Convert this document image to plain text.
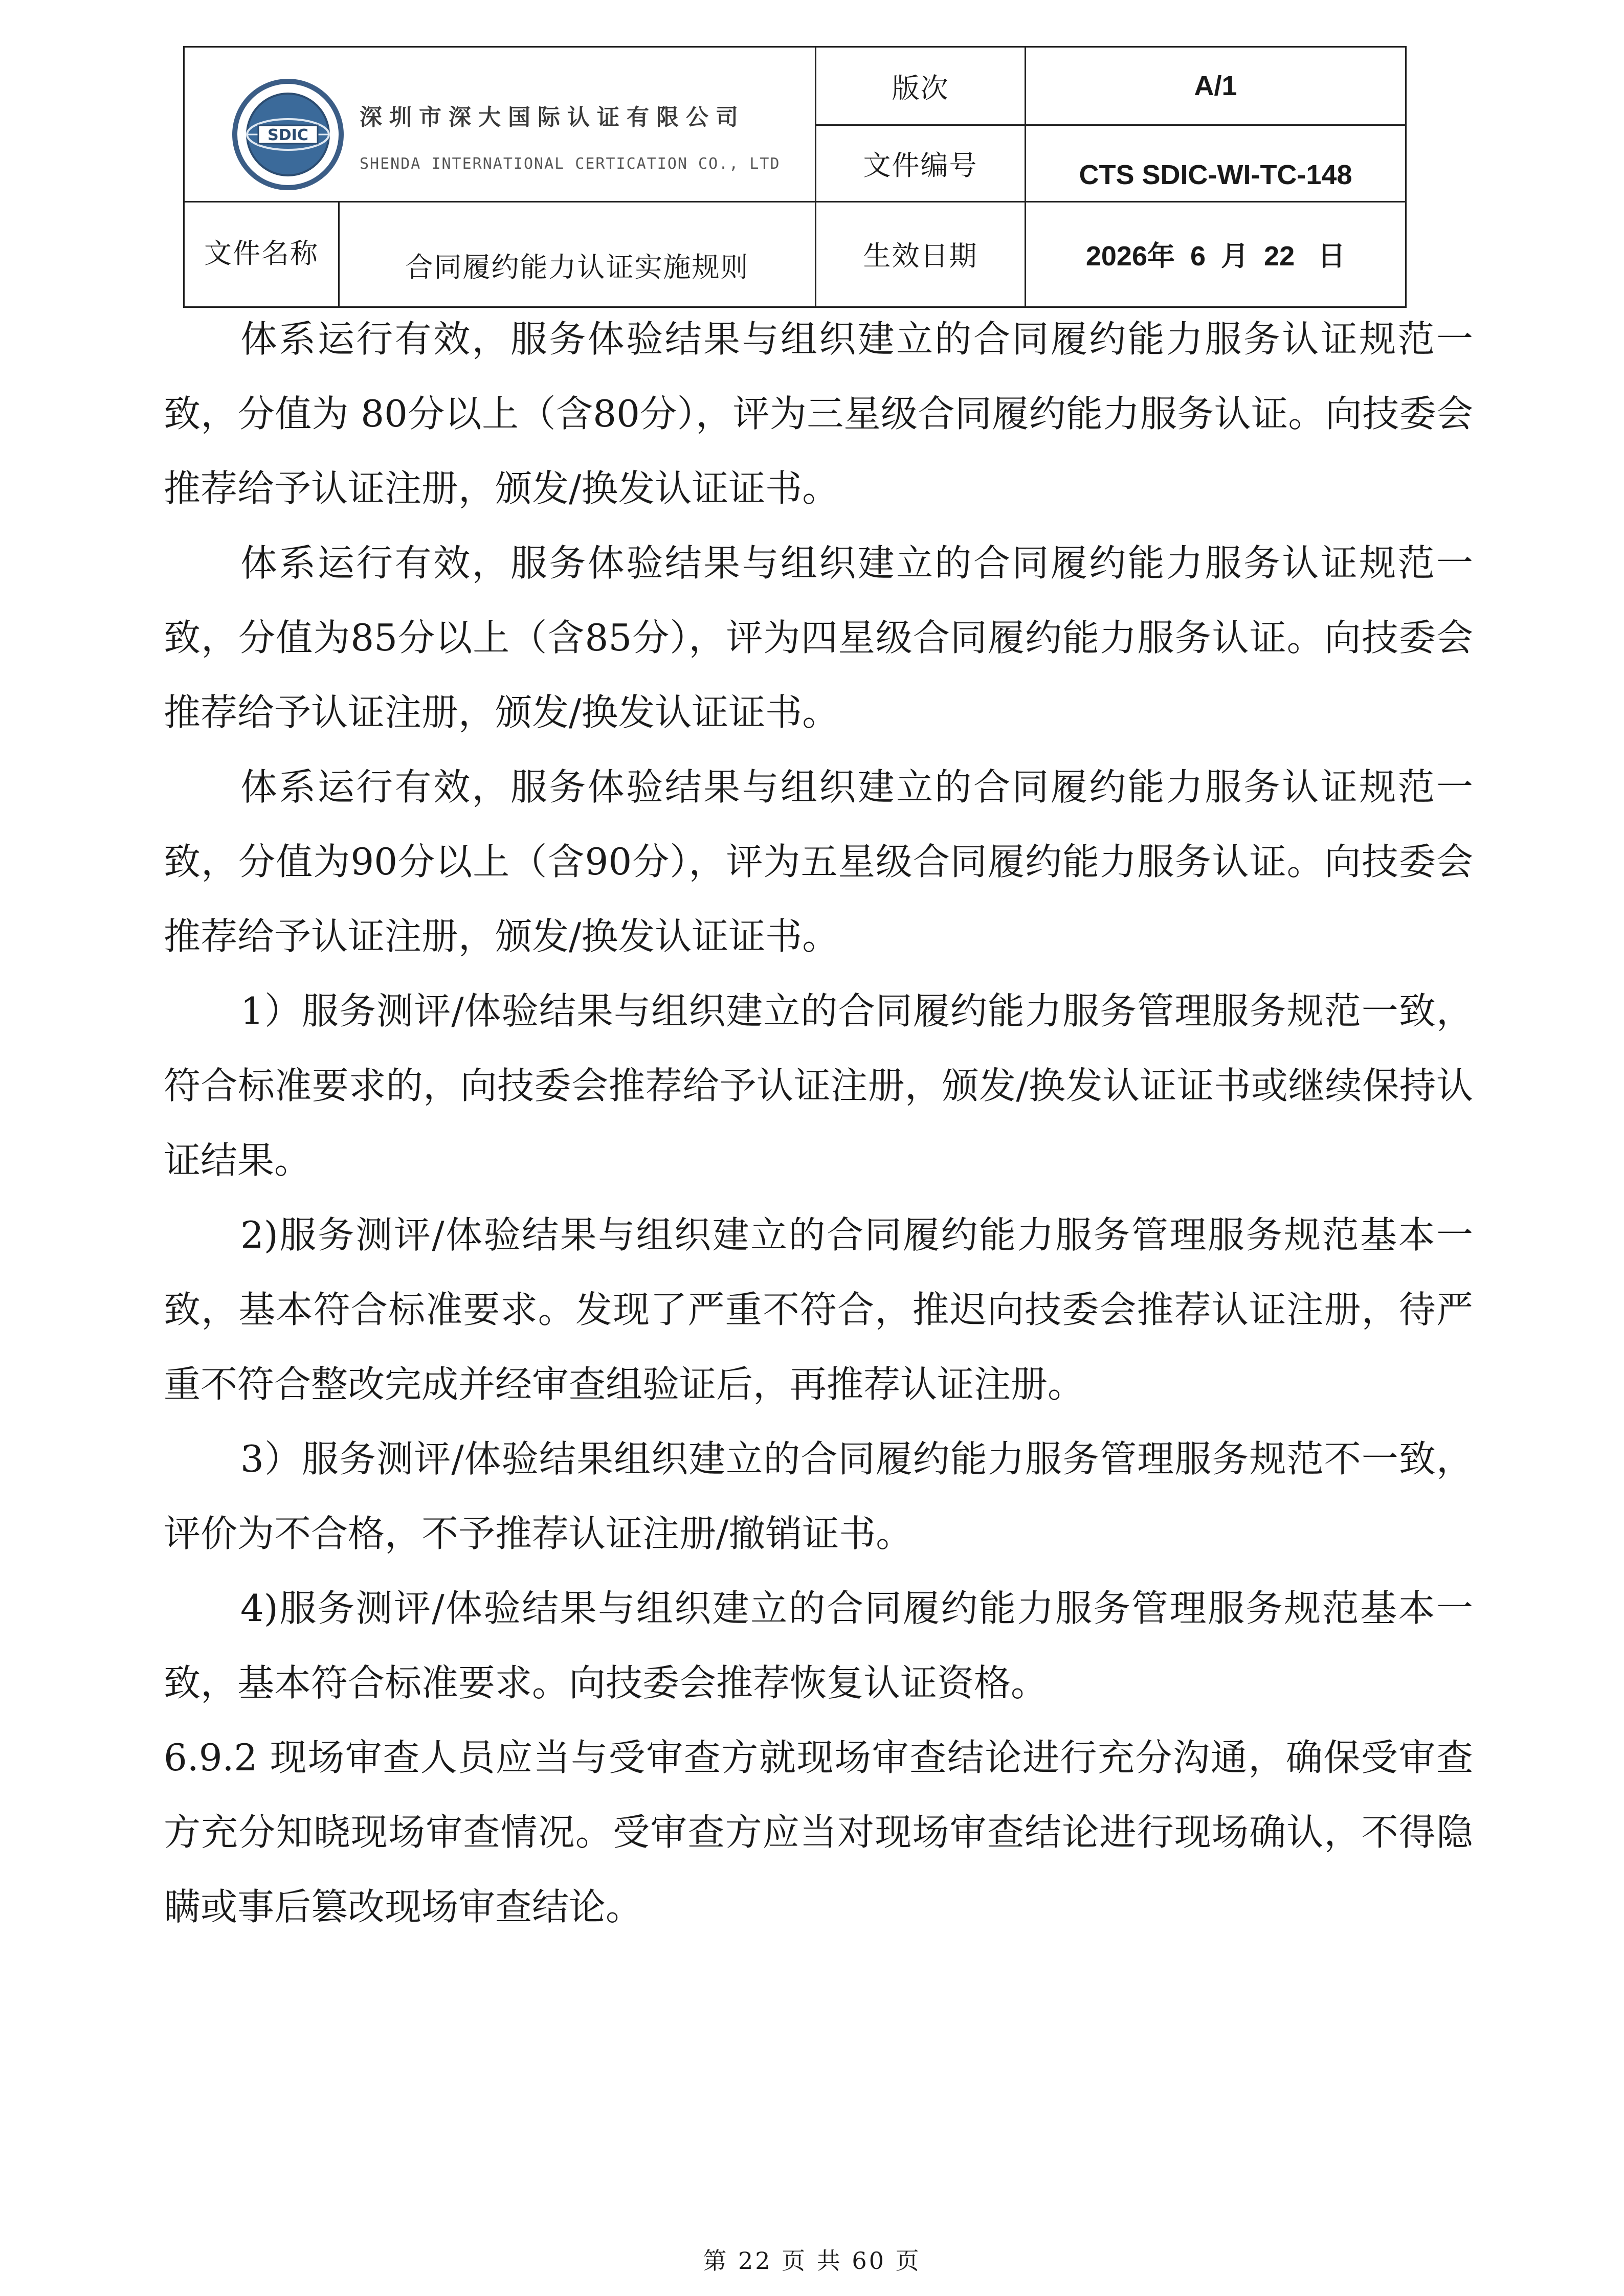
SDIC
深圳市深大国际认证有限公司
SHENDA INTERNATIONAL CERTICATION CO., LTD
版次	A/1
文件编号	CTS SDIC-WI-TC-148
文件名称	合同履约能力认证实施规则	生效日期	2026年  6  月  22   日

体系运行有效，服务体验结果与组织建立的合同履约能力服务认证规范一致，分值为 80分以上（含80分），评为三星级合同履约能力服务认证。向技委会推荐给予认证注册，颁发/换发认证证书。

体系运行有效，服务体验结果与组织建立的合同履约能力服务认证规范一致，分值为85分以上（含85分），评为四星级合同履约能力服务认证。向技委会推荐给予认证注册，颁发/换发认证证书。

体系运行有效，服务体验结果与组织建立的合同履约能力服务认证规范一致，分值为90分以上（含90分），评为五星级合同履约能力服务认证。向技委会推荐给予认证注册，颁发/换发认证证书。

1）服务测评/体验结果与组织建立的合同履约能力服务管理服务规范一致，符合标准要求的，向技委会推荐给予认证注册，颁发/换发认证证书或继续保持认证结果。

2)服务测评/体验结果与组织建立的合同履约能力服务管理服务规范基本一致，基本符合标准要求。发现了严重不符合，推迟向技委会推荐认证注册，待严重不符合整改完成并经审查组验证后，再推荐认证注册。

3）服务测评/体验结果组织建立的合同履约能力服务管理服务规范不一致，评价为不合格，不予推荐认证注册/撤销证书。

4)服务测评/体验结果与组织建立的合同履约能力服务管理服务规范基本一致，基本符合标准要求。向技委会推荐恢复认证资格。

6.9.2 现场审查人员应当与受审查方就现场审查结论进行充分沟通，确保受审查方充分知晓现场审查情况。受审查方应当对现场审查结论进行现场确认，不得隐瞒或事后篡改现场审查结论。

第 22 页 共 60 页
